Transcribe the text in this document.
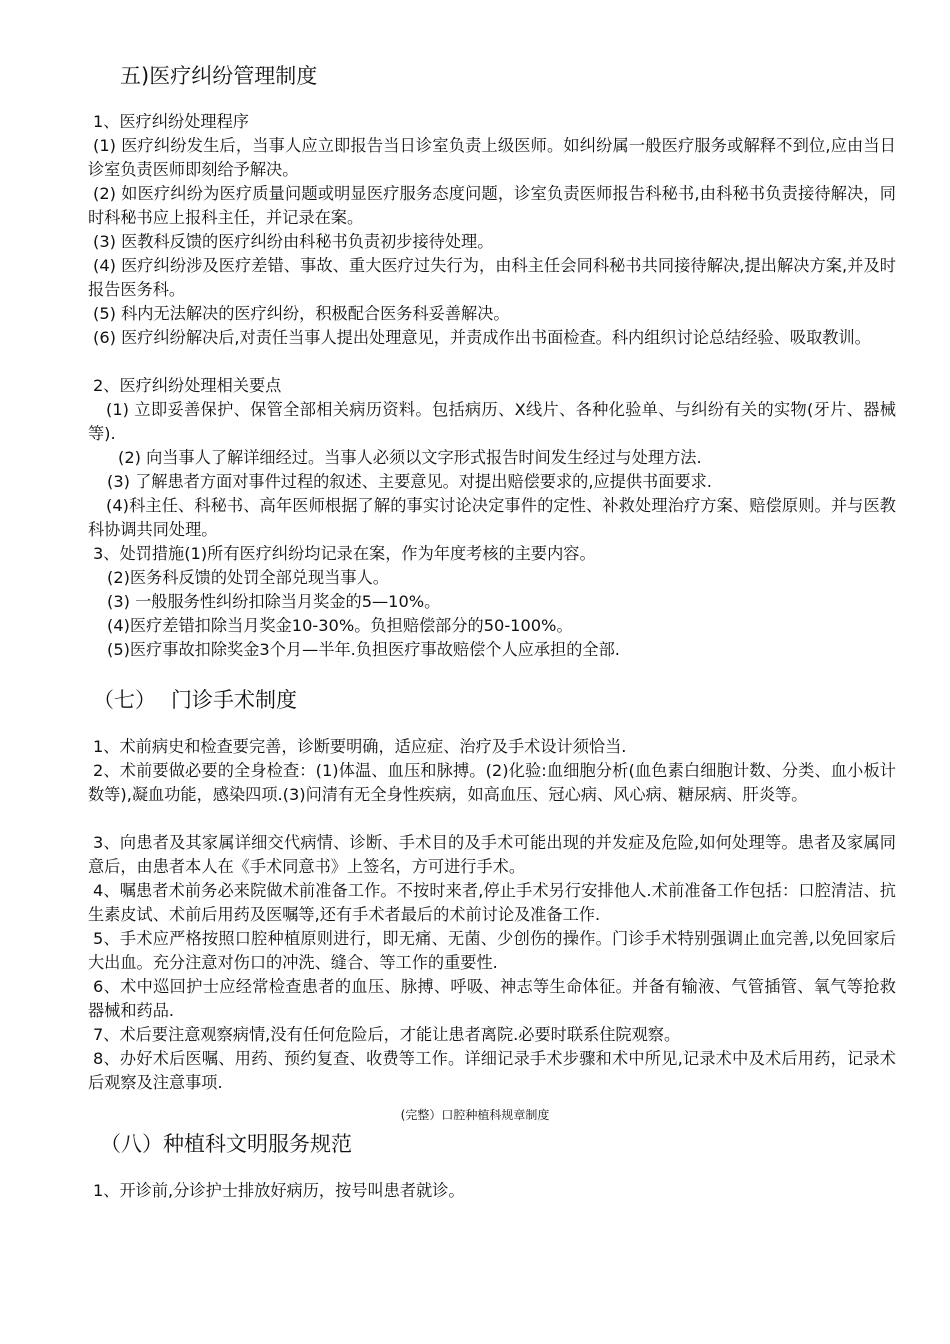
五)医疗纠纷管理制度
1、医疗纠纷处理程序
(1) 医疗纠纷发生后，当事人应立即报告当日诊室负责上级医师。如纠纷属一般医疗服务或解释不到位,应由当日诊室负责医师即刻给予解决。
(2) 如医疗纠纷为医疗质量问题或明显医疗服务态度问题，诊室负责医师报告科秘书,由科秘书负责接待解决，同时科秘书应上报科主任，并记录在案。
(3) 医教科反馈的医疗纠纷由科秘书负责初步接待处理。
(4) 医疗纠纷涉及医疗差错、事故、重大医疗过失行为，由科主任会同科秘书共同接待解决,提出解决方案,并及时报告医务科。
(5) 科内无法解决的医疗纠纷，积极配合医务科妥善解决。
(6) 医疗纠纷解决后,对责任当事人提出处理意见，并责成作出书面检查。科内组织讨论总结经验、吸取教训。
2、医疗纠纷处理相关要点
(1) 立即妥善保护、保管全部相关病历资料。包括病历、X线片、各种化验单、与纠纷有关的实物(牙片、器械等).
(2) 向当事人了解详细经过。当事人必须以文字形式报告时间发生经过与处理方法.
(3) 了解患者方面对事件过程的叙述、主要意见。对提出赔偿要求的,应提供书面要求.
(4)科主任、科秘书、高年医师根据了解的事实讨论决定事件的定性、补救处理治疗方案、赔偿原则。并与医教科协调共同处理。
3、处罚措施(1)所有医疗纠纷均记录在案，作为年度考核的主要内容。
(2)医务科反馈的处罚全部兑现当事人。
(3) 一般服务性纠纷扣除当月奖金的5—10%。
(4)医疗差错扣除当月奖金10-30%。负担赔偿部分的50-100%。
(5)医疗事故扣除奖金3个月—半年.负担医疗事故赔偿个人应承担的全部.
（七） 门诊手术制度
1、术前病史和检查要完善，诊断要明确，适应症、治疗及手术设计须恰当.
2、术前要做必要的全身检查：(1)体温、血压和脉搏。(2)化验:血细胞分析(血色素白细胞计数、分类、血小板计数等),凝血功能，感染四项.(3)问清有无全身性疾病，如高血压、冠心病、风心病、糖尿病、肝炎等。
3、向患者及其家属详细交代病情、诊断、手术目的及手术可能出现的并发症及危险,如何处理等。患者及家属同意后，由患者本人在《手术同意书》上签名，方可进行手术。
4、嘱患者术前务必来院做术前准备工作。不按时来者,停止手术另行安排他人.术前准备工作包括：口腔清洁、抗生素皮试、术前后用药及医嘱等,还有手术者最后的术前讨论及准备工作.
5、手术应严格按照口腔种植原则进行，即无痛、无菌、少创伤的操作。门诊手术特别强调止血完善,以免回家后大出血。充分注意对伤口的冲洗、缝合、等工作的重要性.
6、术中巡回护士应经常检查患者的血压、脉搏、呼吸、神志等生命体征。并备有输液、气管插管、氧气等抢救器械和药品.
7、术后要注意观察病情,没有任何危险后，才能让患者离院.必要时联系住院观察。
8、办好术后医嘱、用药、预约复查、收费等工作。详细记录手术步骤和术中所见,记录术中及术后用药，记录术后观察及注意事项.
(完整）口腔种植科规章制度
（八）种植科文明服务规范
1、开诊前,分诊护士排放好病历，按号叫患者就诊。
